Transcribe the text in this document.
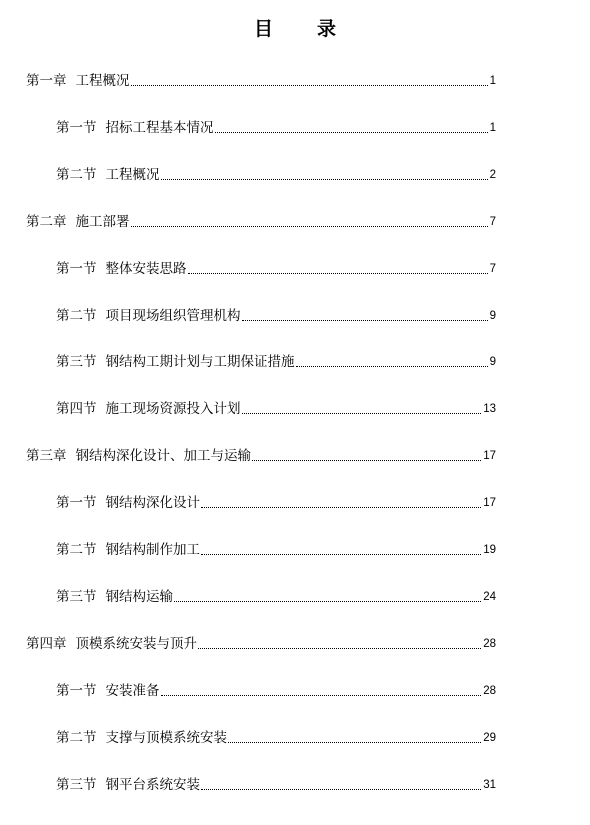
目 录
第一章 工程概况	1
第一节 招标工程基本情况	1
第二节 工程概况	2
第二章 施工部署	7
第一节 整体安装思路	7
第二节 项目现场组织管理机构	9
第三节 钢结构工期计划与工期保证措施	9
第四节 施工现场资源投入计划	13
第三章 钢结构深化设计、加工与运输	17
第一节 钢结构深化设计	17
第二节 钢结构制作加工	19
第三节 钢结构运输	24
第四章 顶模系统安装与顶升	28
第一节 安装准备	28
第二节 支撑与顶模系统安装	29
第三节 钢平台系统安装	31
